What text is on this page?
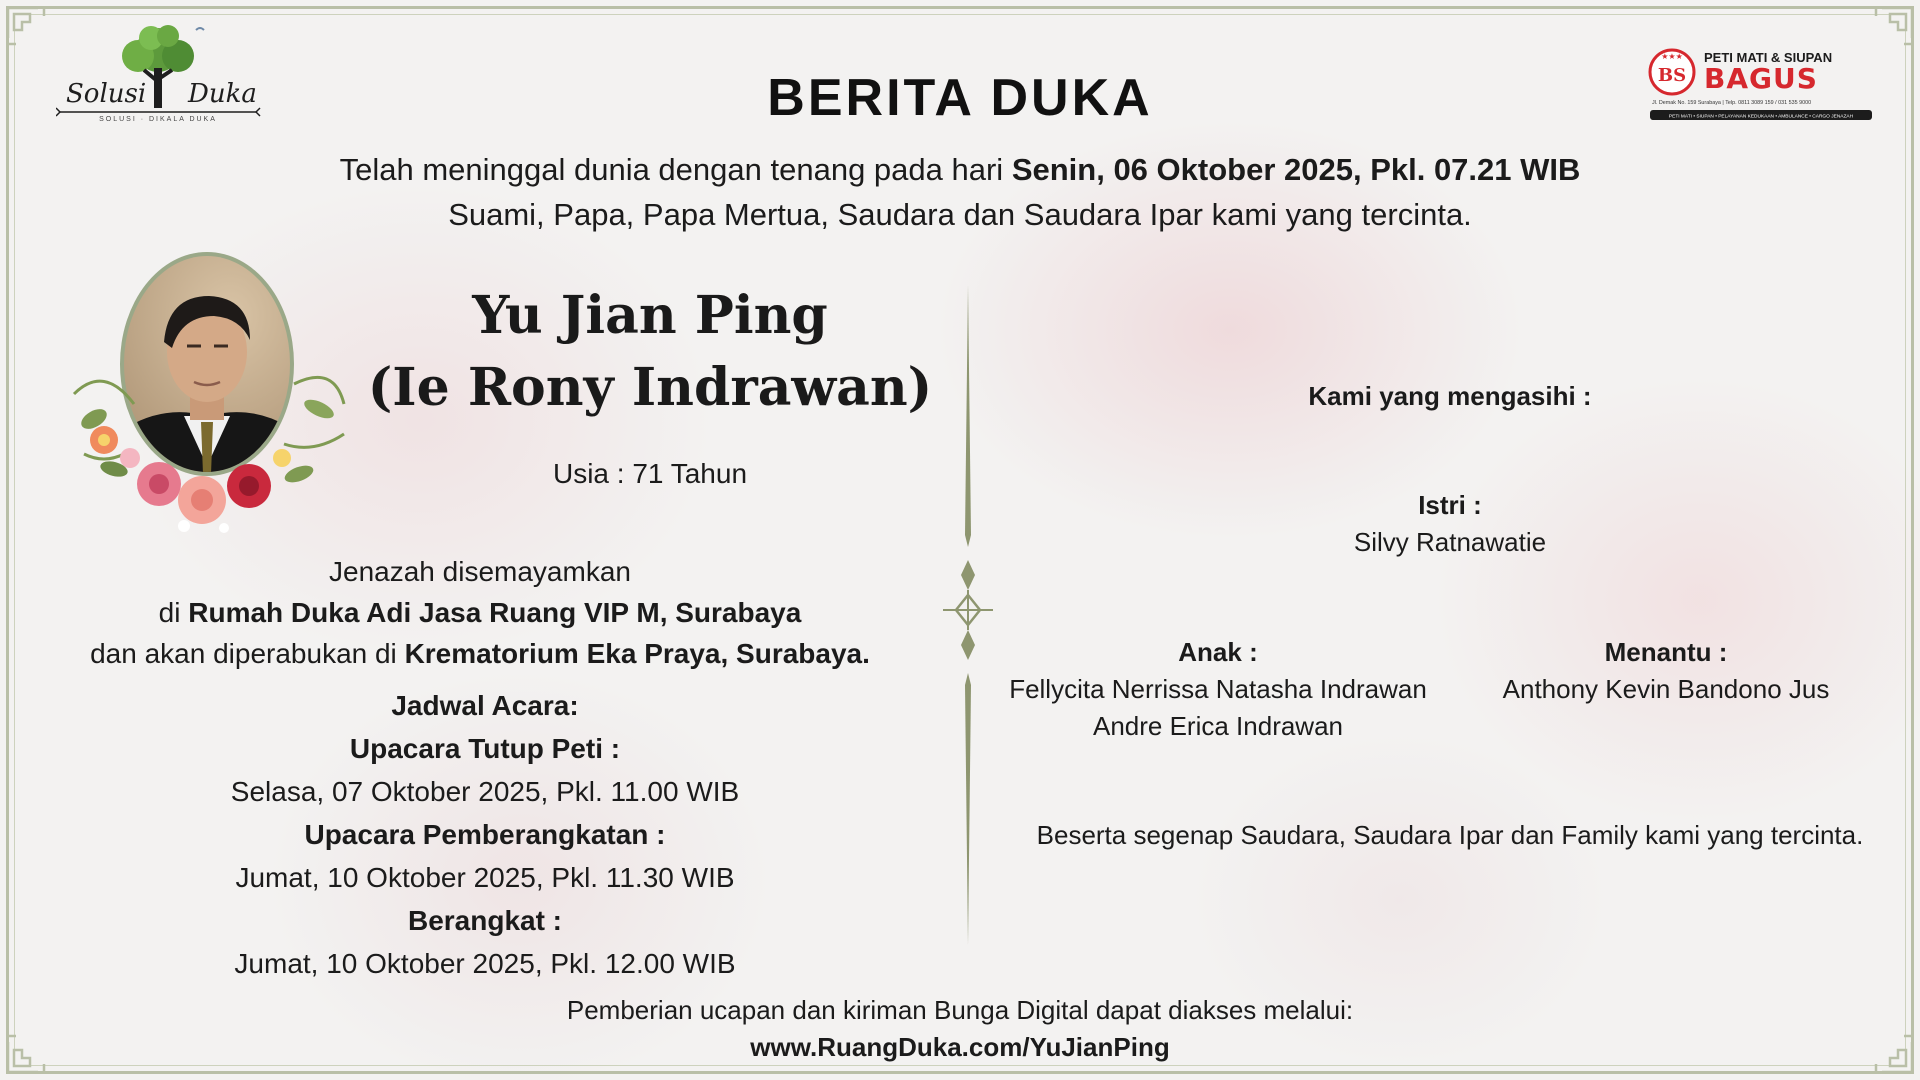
Solusi Duka
SOLUSI · DIKALA DUKA
★★★
BS
PETI MATI & SIUPAN
BAGUS
Jl. Demak No. 159 Surabaya | Telp. 0811 3089 159 / 031 535 9000
PETI MATI • SIUPAN • PELAYANAN KEDUKAAN • AMBULANCE • CARGO JENAZAH
BERITA DUKA
Telah meninggal dunia dengan tenang pada hari Senin, 06 Oktober 2025, Pkl. 07.21 WIB
Suami, Papa, Papa Mertua, Saudara dan Saudara Ipar kami yang tercinta.
Yu Jian Ping
(Ie Rony Indrawan)
Usia : 71 Tahun
Jenazah disemayamkan
di Rumah Duka Adi Jasa Ruang VIP M, Surabaya
dan akan diperabukan di Krematorium Eka Praya, Surabaya.
Jadwal Acara:
Upacara Tutup Peti :
Selasa, 07 Oktober 2025, Pkl. 11.00 WIB
Upacara Pemberangkatan :
Jumat, 10 Oktober 2025, Pkl. 11.30 WIB
Berangkat :
Jumat, 10 Oktober 2025, Pkl. 12.00 WIB
Kami yang mengasihi :
Istri :
Silvy Ratnawatie
Anak :
Fellycita Nerrissa Natasha Indrawan
Andre Erica Indrawan
Menantu :
Anthony Kevin Bandono Jus
Beserta segenap Saudara, Saudara Ipar dan Family kami yang tercinta.
Pemberian ucapan dan kiriman Bunga Digital dapat diakses melalui:
www.RuangDuka.com/YuJianPing
